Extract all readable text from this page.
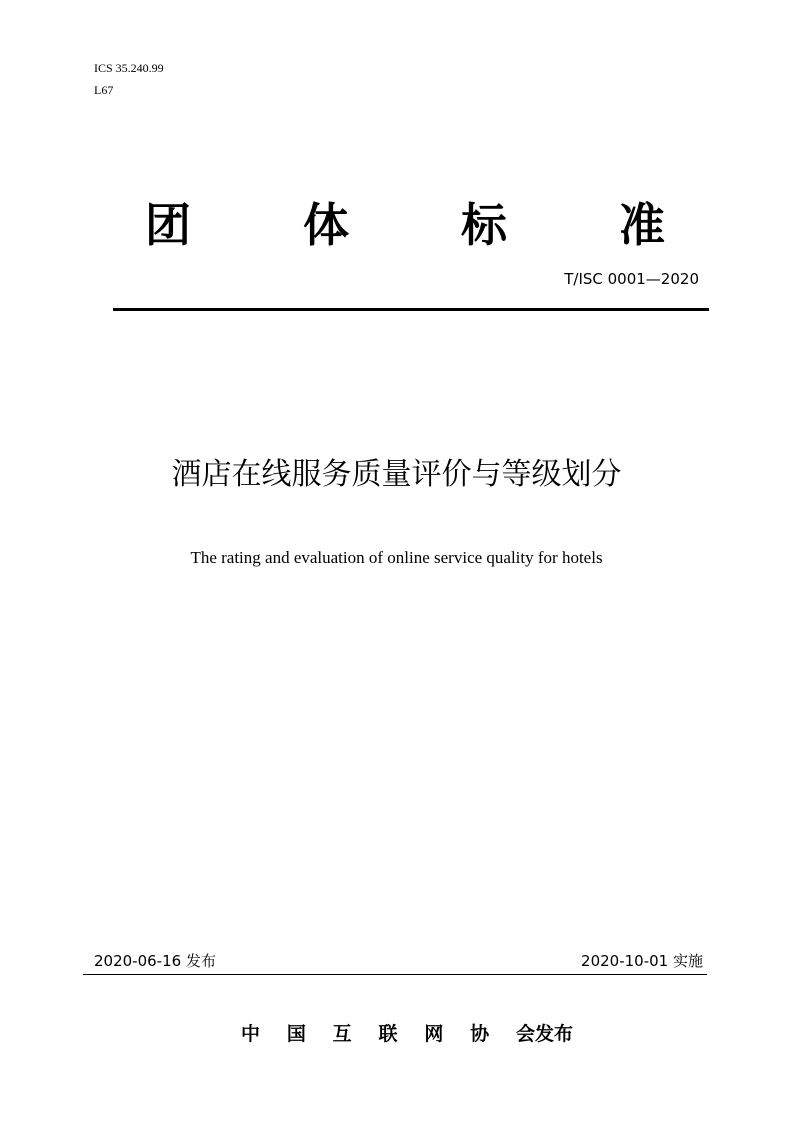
ICS 35.240.99
L67
团 体 标 准
T/ISC 0001—2020
酒店在线服务质量评价与等级划分
The rating and evaluation of online service quality for hotels
2020-06-16 发布	2020-10-01 实施
中 国 互 联 网 协 会发布
